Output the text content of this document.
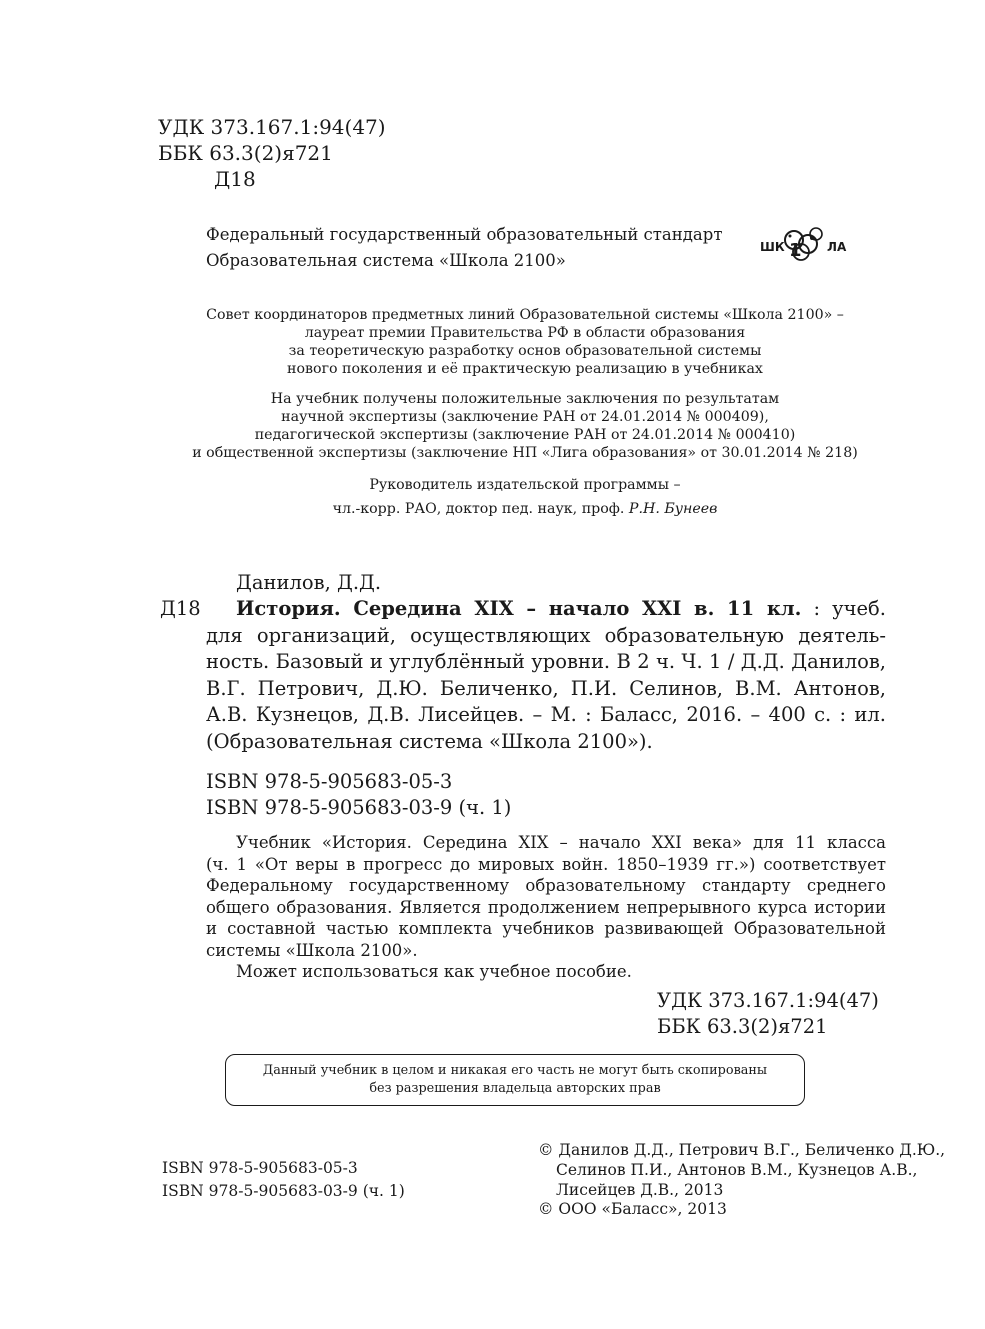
УДК 373.167.1:94(47)
ББК 63.3(2)я721
Д18
Федеральный государственный образовательный стандарт
Образовательная система «Школа 2100»
ШК	ЛА
1
Совет координаторов предметных линий Образовательной системы «Школа 2100» –
лауреат премии Правительства РФ в области образования
за теоретическую разработку основ образовательной системы
нового поколения и её практическую реализацию в учебниках
На учебник получены положительные заключения по результатам
научной экспертизы (заключение РАН от 24.01.2014 № 000409),
педагогической экспертизы (заключение РАН от 24.01.2014 № 000410)
и общественной экспертизы (заключение НП «Лига образования» от 30.01.2014 № 218)
Руководитель издательской программы –
чл.-корр. РАО, доктор пед. наук, проф. Р.Н. Бунеев
Данилов, Д.Д.
Д18	История. Середина XIX – начало XXI в. 11 кл. : учеб.
для организаций, осуществляющих образовательную деятель-
ность. Базовый и углублённый уровни. В 2 ч. Ч. 1 / Д.Д. Данилов,
В.Г. Петрович, Д.Ю. Беличенко, П.И. Селинов, В.М. Антонов,
А.В. Кузнецов, Д.В. Лисейцев. – М. : Баласс, 2016. – 400 с. : ил.
(Образовательная система «Школа 2100»).
ISBN 978-5-905683-05-3
ISBN 978-5-905683-03-9 (ч. 1)
Учебник «История. Середина XIX – начало XXI века» для 11 класса
(ч. 1 «От веры в прогресс до мировых войн. 1850–1939 гг.») соответствует
Федеральному государственному образовательному стандарту среднего
общего образования. Является продолжением непрерывного курса истории
и составной частью комплекта учебников развивающей Образовательной
системы «Школа 2100».
Может использоваться как учебное пособие.
УДК 373.167.1:94(47)
ББК 63.3(2)я721
Данный учебник в целом и никакая его часть не могут быть скопированы
без разрешения владельца авторских прав
ISBN 978-5-905683-05-3
ISBN 978-5-905683-03-9 (ч. 1)
© Данилов Д.Д., Петрович В.Г., Беличенко Д.Ю.,
Селинов П.И., Антонов В.М., Кузнецов А.В.,
Лисейцев Д.В., 2013
© ООО «Баласс», 2013
